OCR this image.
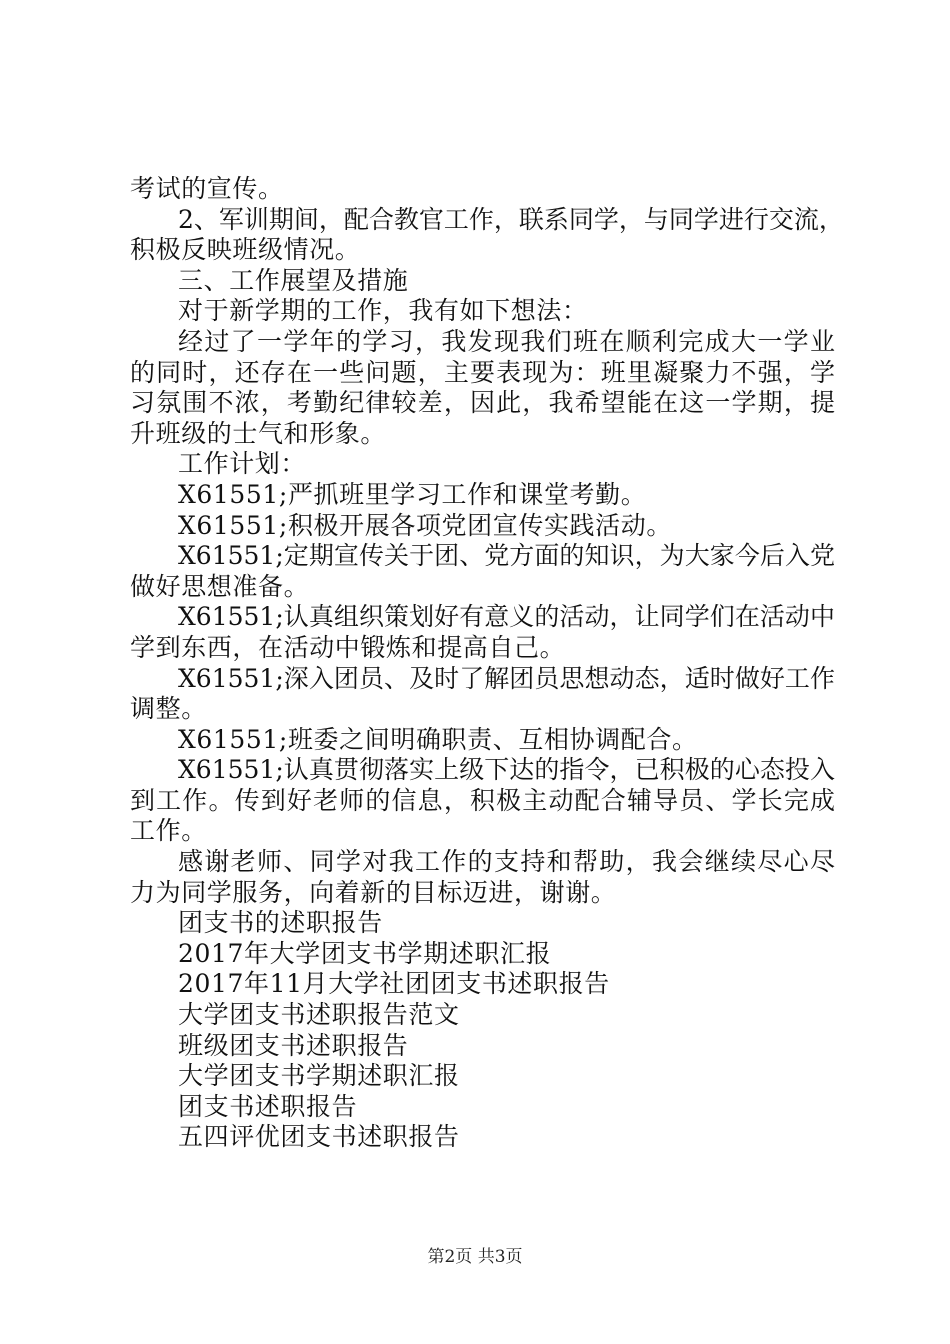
考试的宣传。
2、军训期间，配合教官工作，联系同学，与同学进行交流，
积极反映班级情况。
三、工作展望及措施
对于新学期的工作，我有如下想法：
经过了一学年的学习，我发现我们班在顺利完成大一学业
的同时，还存在一些问题，主要表现为：班里凝聚力不强，学
习氛围不浓，考勤纪律较差，因此，我希望能在这一学期，提
升班级的士气和形象。
工作计划：
X61551;严抓班里学习工作和课堂考勤。
X61551;积极开展各项党团宣传实践活动。
X61551;定期宣传关于团、党方面的知识，为大家今后入党
做好思想准备。
X61551;认真组织策划好有意义的活动，让同学们在活动中
学到东西，在活动中锻炼和提高自己。
X61551;深入团员、及时了解团员思想动态，适时做好工作
调整。
X61551;班委之间明确职责、互相协调配合。
X61551;认真贯彻落实上级下达的指令，已积极的心态投入
到工作。传到好老师的信息，积极主动配合辅导员、学长完成
工作。
感谢老师、同学对我工作的支持和帮助，我会继续尽心尽
力为同学服务，向着新的目标迈进，谢谢。
团支书的述职报告
2017年大学团支书学期述职汇报
2017年11月大学社团团支书述职报告
大学团支书述职报告范文
班级团支书述职报告
大学团支书学期述职汇报
团支书述职报告
五四评优团支书述职报告
第2页 共3页
